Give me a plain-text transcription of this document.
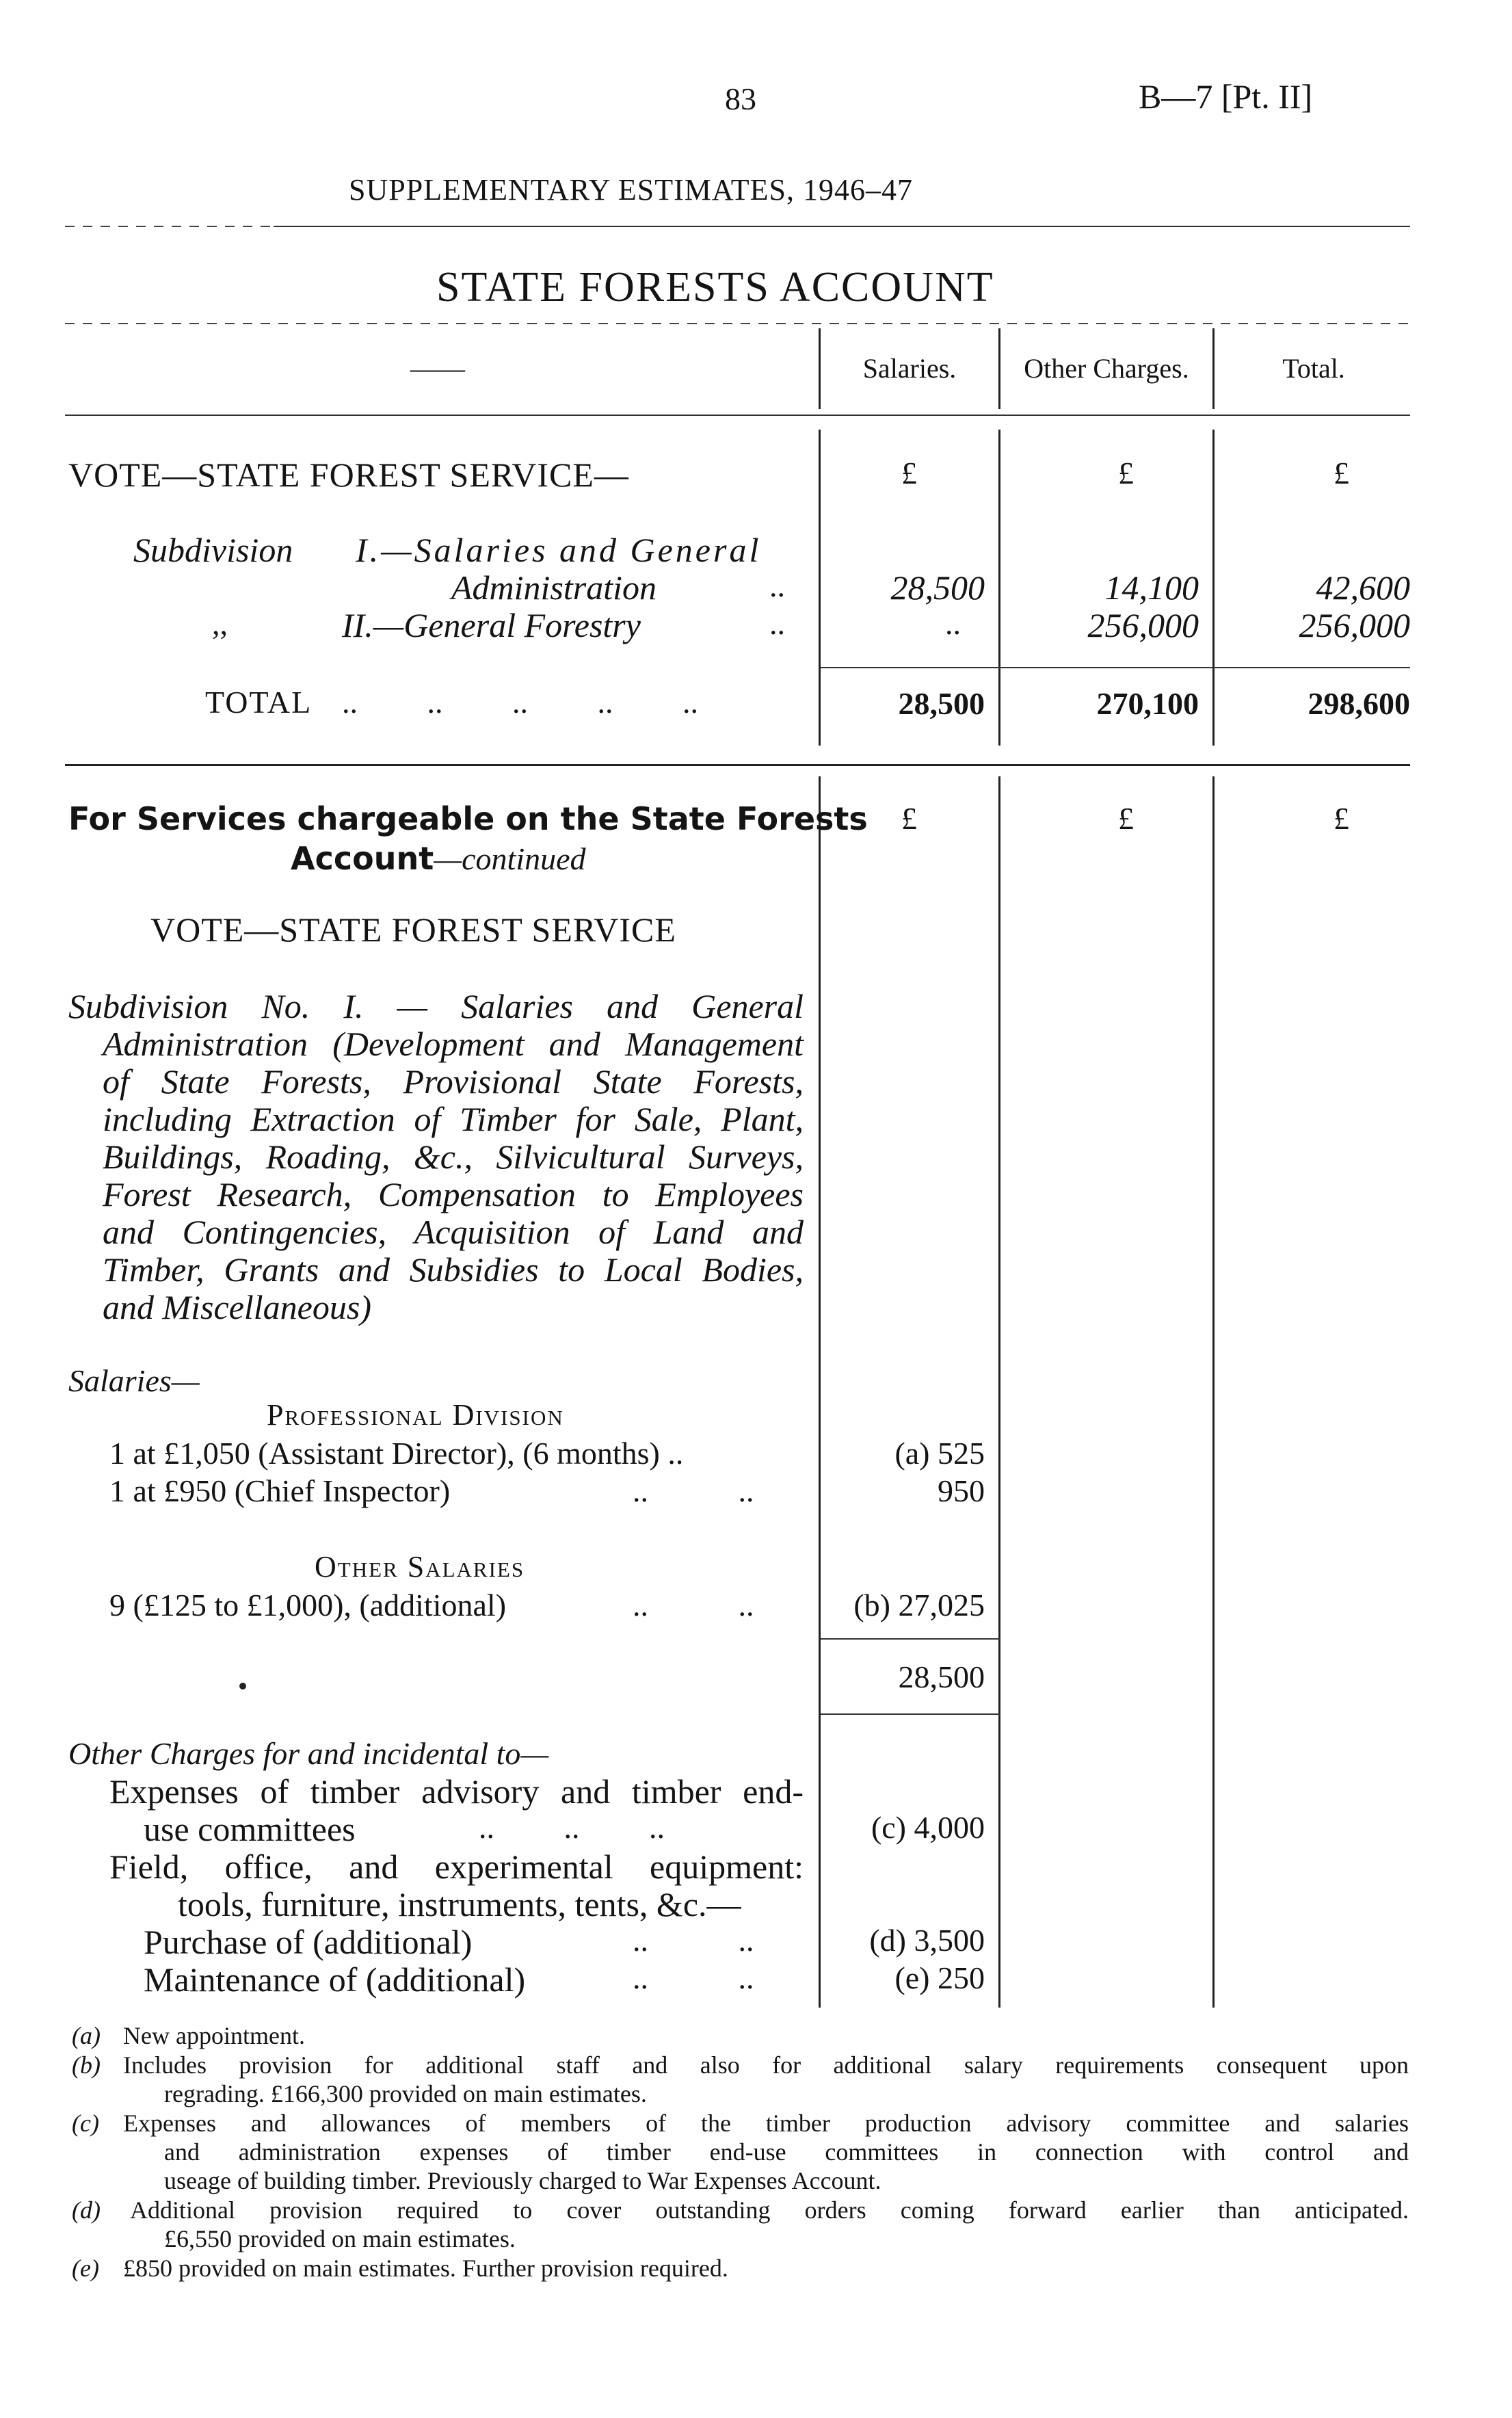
83	B—7 [Pt. II]
SUPPLEMENTARY ESTIMATES, 1946–47
STATE FORESTS ACCOUNT
——	Salaries.	Other Charges.	Total.
VOTE—STATE FOREST SERVICE—	£	£	£
Subdivision I.—Salaries and General
Administration	..	28,500	14,100	42,600
,,	II.—General Forestry	..	..	256,000	256,000
TOTAL .. .. .. .. ..	28,500	270,100	298,600
For Services chargeable on the State Forests
Account—continued
£	£	£
VOTE—STATE FOREST SERVICE
Subdivision No. I. — Salaries and General
Administration (Development and Management
of State Forests, Provisional State Forests,
including Extraction of Timber for Sale, Plant,
Buildings, Roading, &c., Silvicultural Surveys,
Forest Research, Compensation to Employees
and Contingencies, Acquisition of Land and
Timber, Grants and Subsidies to Local Bodies,
and Miscellaneous)
Salaries—
Professional Division
1 at £1,050 (Assistant Director), (6 months) ..	(a) 525
1 at £950 (Chief Inspector)	.. ..	950
Other Salaries
9 (£125 to £1,000), (additional)	.. ..	(b) 27,025
28,500
Other Charges for and incidental to—
Expenses of timber advisory and timber end-
use committees	.. .. ..	(c) 4,000
Field, office, and experimental equipment:
tools, furniture, instruments, tents, &c.—
Purchase of (additional)	.. ..	(d) 3,500
Maintenance of (additional)	.. ..	(e) 250
(a) New appointment.
(b) Includes provision for additional staff and also for additional salary requirements consequent upon
regrading. £166,300 provided on main estimates.
(c) Expenses and allowances of members of the timber production advisory committee and salaries
and administration expenses of timber end-use committees in connection with control and
useage of building timber. Previously charged to War Expenses Account.
(d) Additional provision required to cover outstanding orders coming forward earlier than anticipated.
£6,550 provided on main estimates.
(e) £850 provided on main estimates. Further provision required.
